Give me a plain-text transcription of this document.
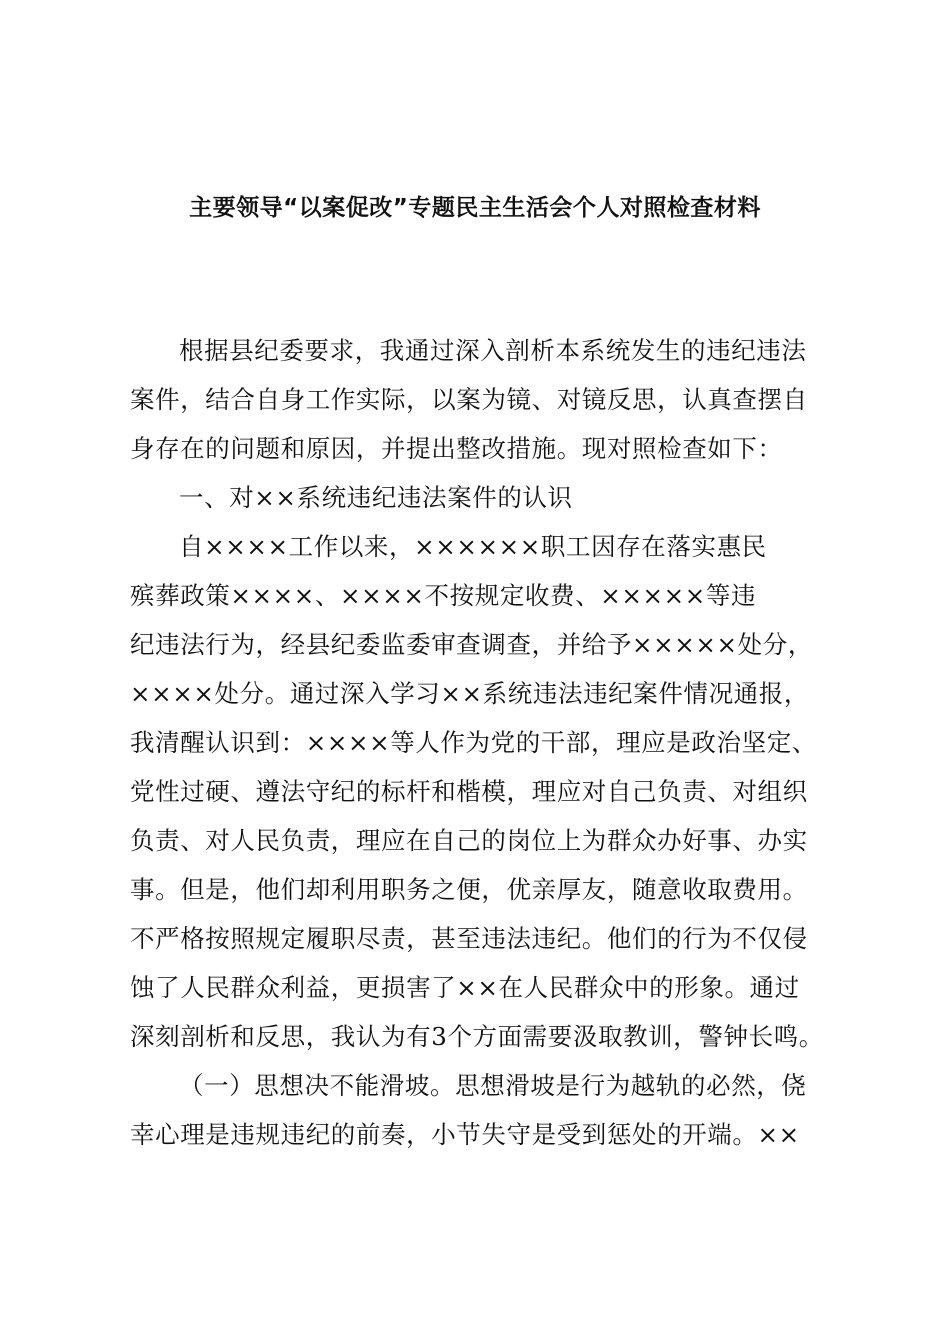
主要领导“以案促改”专题民主生活会个人对照检查材料
根据县纪委要求，我通过深入剖析本系统发生的违纪违法
案件，结合自身工作实际，以案为镜、对镜反思，认真查摆自
身存在的问题和原因，并提出整改措施。现对照检查如下：
一、对××系统违纪违法案件的认识
自××××工作以来，××××××职工因存在落实惠民
殡葬政策××××、××××不按规定收费、×××××等违
纪违法行为，经县纪委监委审查调查，并给予×××××处分，
××××处分。通过深入学习××系统违法违纪案件情况通报，
我清醒认识到：××××等人作为党的干部，理应是政治坚定、
党性过硬、遵法守纪的标杆和楷模，理应对自己负责、对组织
负责、对人民负责，理应在自己的岗位上为群众办好事、办实
事。但是，他们却利用职务之便，优亲厚友，随意收取费用。
不严格按照规定履职尽责，甚至违法违纪。他们的行为不仅侵
蚀了人民群众利益，更损害了××在人民群众中的形象。通过
深刻剖析和反思，我认为有3个方面需要汲取教训，警钟长鸣。
（一）思想决不能滑坡。思想滑坡是行为越轨的必然，侥
幸心理是违规违纪的前奏，小节失守是受到惩处的开端。××
